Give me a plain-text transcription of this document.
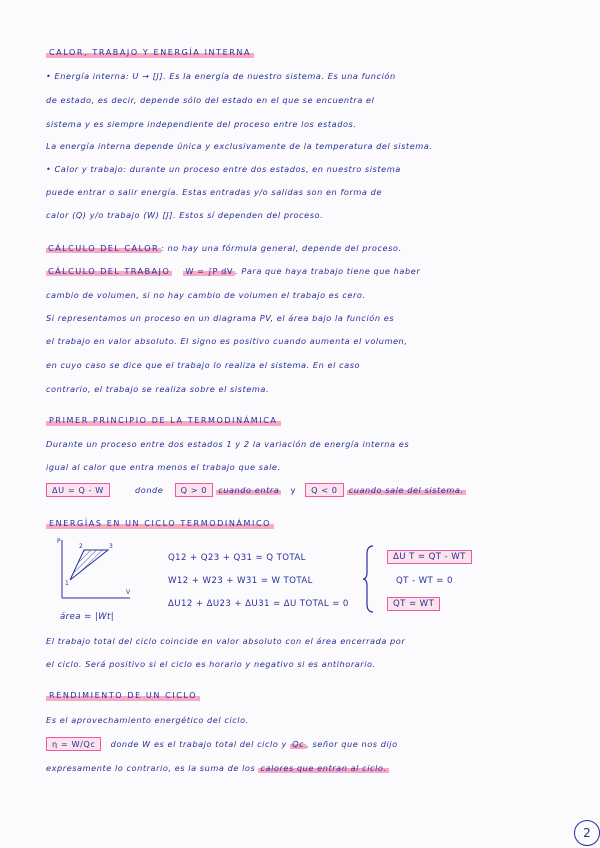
CALOR, TRABAJO Y ENERGÍA INTERNA
• Energía interna: U → [J]. Es la energía de nuestro sistema. Es una función
de estado, es decir, depende sólo del estado en el que se encuentra el
sistema y es siempre independiente del proceso entre los estados.
La energía interna depende única y exclusivamente de la temperatura del sistema.
• Calor y trabajo: durante un proceso entre dos estados, en nuestro sistema
puede entrar o salir energía. Estas entradas y/o salidas son en forma de
calor (Q) y/o trabajo (W) [J]. Estos sí dependen del proceso.
CÁLCULO DEL CALOR : no hay una fórmula general, depende del proceso.
CÁLCULO DEL TRABAJO W = ∫P dV . Para que haya trabajo tiene que haber
cambio de volumen, si no hay cambio de volumen el trabajo es cero.
Si representamos un proceso en un diagrama PV, el área bajo la función es
el trabajo en valor absoluto. El signo es positivo cuando aumenta el volumen,
en cuyo caso se dice que el trabajo lo realiza el sistema. En el caso
contrario, el trabajo se realiza sobre el sistema.
PRIMER PRINCIPIO DE LA TERMODINÁMICA
Durante un proceso entre dos estados 1 y 2 la variación de energía interna es
igual al calor que entra menos el trabajo que sale.
ΔU = Q - W	donde Q > 0 cuando entra y Q < 0 cuando sale del sistema.
ENERGÍAS EN UN CICLO TERMODINÁMICO
P
V
1
2	3
área = |Wt|
Q12 + Q23 + Q31 = Q TOTAL
W12 + W23 + W31 = W TOTAL
ΔU12 + ΔU23 + ΔU31 = ΔU TOTAL = 0
ΔU T = QT - WT
QT - WT = 0
QT = WT
El trabajo total del ciclo coincide en valor absoluto con el área encerrada por
el ciclo. Será positivo si el ciclo es horario y negativo si es antihorario.
RENDIMIENTO DE UN CICLO
Es el aprovechamiento energético del ciclo.
η = W/Qc donde W es el trabajo total del ciclo y Qc , señor que nos dijo
expresamente lo contrario, es la suma de los calores que entran al ciclo.
2
